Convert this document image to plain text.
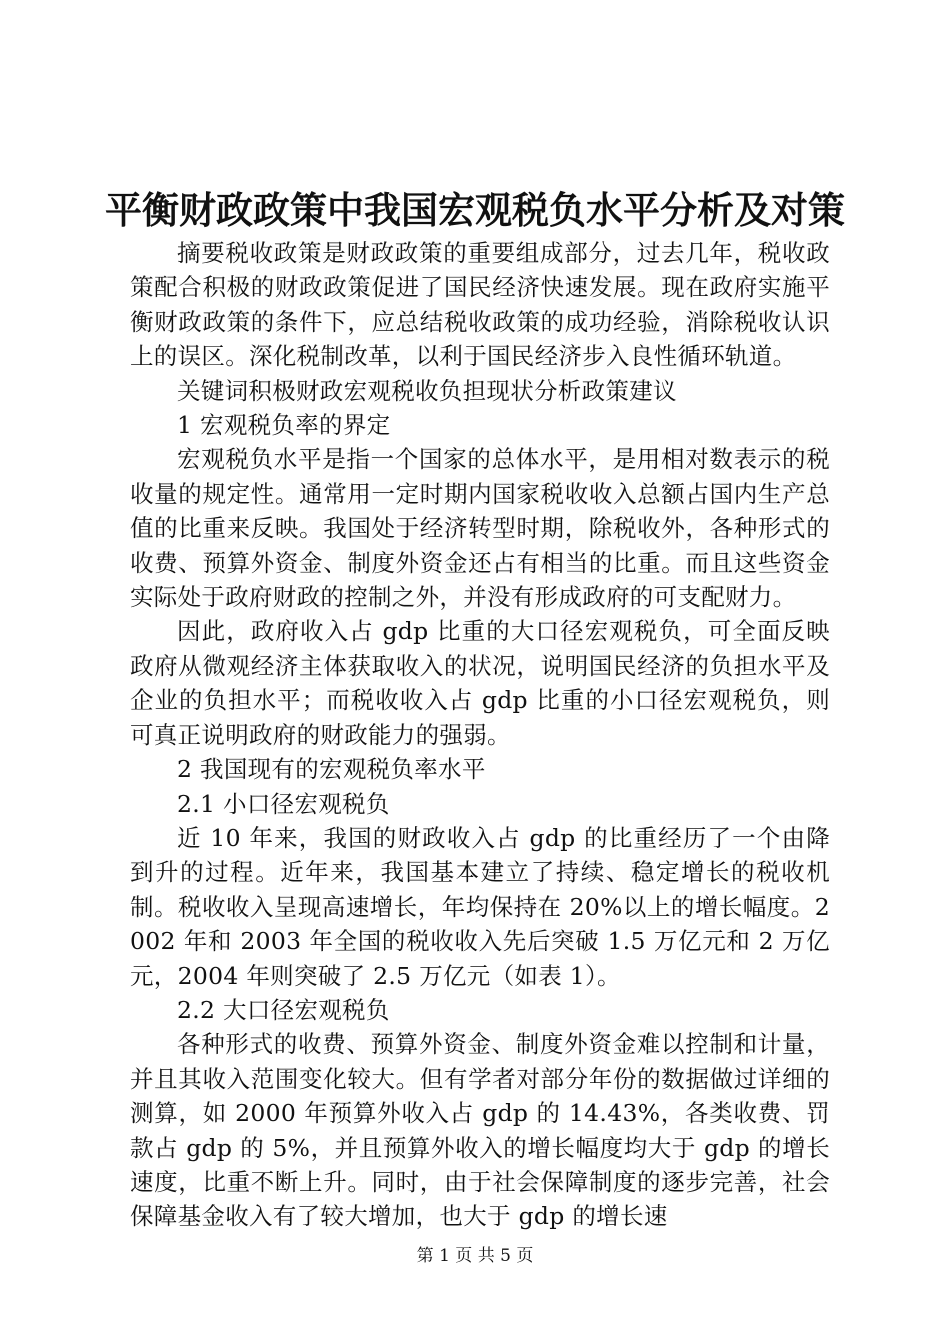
平衡财政政策中我国宏观税负水平分析及对策

摘要税收政策是财政政策的重要组成部分，过去几年，税收政策配合积极的财政政策促进了国民经济快速发展。现在政府实施平衡财政政策的条件下，应总结税收政策的成功经验，消除税收认识上的误区。深化税制改革，以利于国民经济步入良性循环轨道。

关键词积极财政宏观税收负担现状分析政策建议

1 宏观税负率的界定

宏观税负水平是指一个国家的总体水平，是用相对数表示的税收量的规定性。通常用一定时期内国家税收收入总额占国内生产总值的比重来反映。我国处于经济转型时期，除税收外，各种形式的收费、预算外资金、制度外资金还占有相当的比重。而且这些资金实际处于政府财政的控制之外，并没有形成政府的可支配财力。

因此，政府收入占 gdp 比重的大口径宏观税负，可全面反映政府从微观经济主体获取收入的状况，说明国民经济的负担水平及企业的负担水平；而税收收入占 gdp 比重的小口径宏观税负，则可真正说明政府的财政能力的强弱。

2 我国现有的宏观税负率水平

2.1 小口径宏观税负

近 10 年来，我国的财政收入占 gdp 的比重经历了一个由降到升的过程。近年来，我国基本建立了持续、稳定增长的税收机制。税收收入呈现高速增长，年均保持在 20%以上的增长幅度。2002 年和 2003 年全国的税收收入先后突破 1.5 万亿元和 2 万亿元，2004 年则突破了 2.5 万亿元（如表 1）。

2.2 大口径宏观税负

各种形式的收费、预算外资金、制度外资金难以控制和计量，并且其收入范围变化较大。但有学者对部分年份的数据做过详细的测算，如 2000 年预算外收入占 gdp 的 14.43%，各类收费、罚款占 gdp 的 5%，并且预算外收入的增长幅度均大于 gdp 的增长速度，比重不断上升。同时，由于社会保障制度的逐步完善，社会保障基金收入有了较大增加，也大于 gdp 的增长速

第 1 页 共 5 页
